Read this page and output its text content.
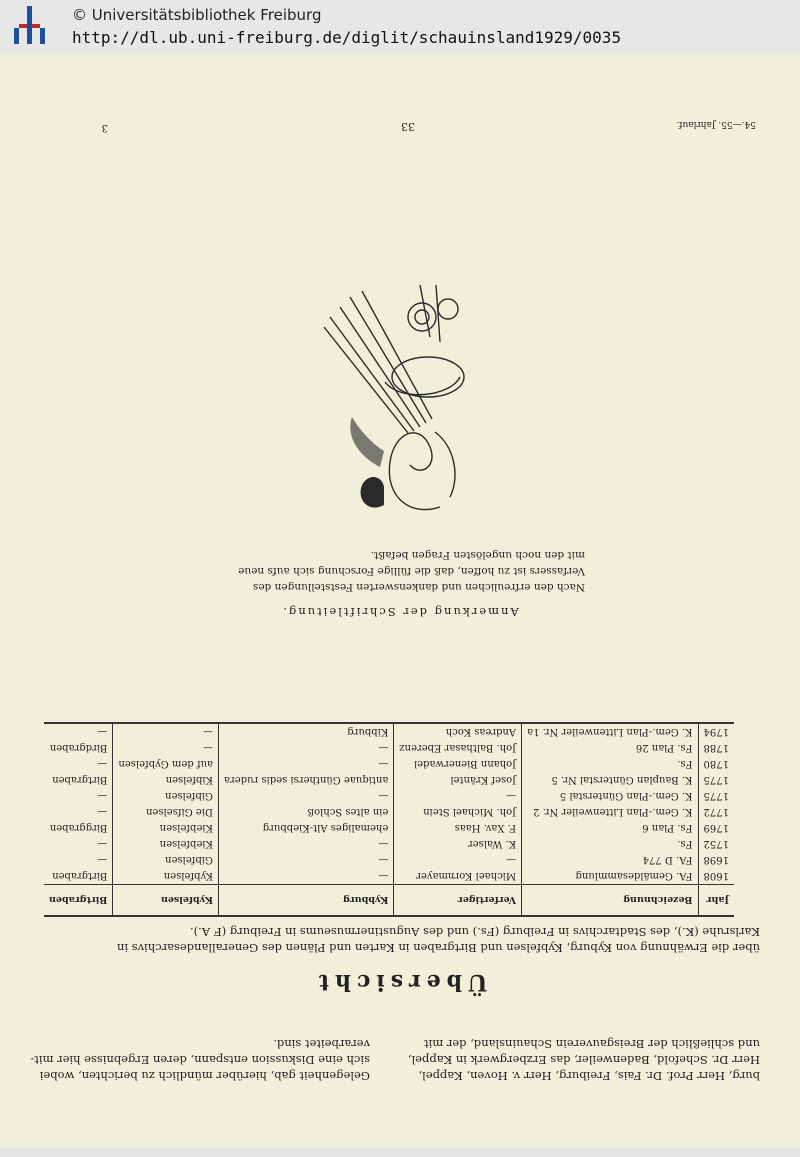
© Universitätsbibliothek Freiburg
http://dl.ub.uni-freiburg.de/diglit/schauinsland1929/0035
54.—55. Jahrlauf.
33
3
burg, Herr Prof. Dr. Fais, Freiburg, Herr v. Hoven, Kappel,
Herr Dr. Schefold, Badenweiler, das Erzbergwerk in Kappel,
und schließlich der Breisgauverein Schauinsland, der mit
Gelegenheit gab, hierüber mündlich zu berichten, wobei
sich eine Diskussion entspann, deren Ergebnisse hier mit-
verarbeitet sind.
Übersicht
über die Erwähnung von Kyburg, Kybfelsen und Birtgraben in Karten und Plänen des Generallandesarchivs in
Karlsruhe (K.), des Stadtarchivs in Freiburg (Fs.) und des Augustinermuseums in Freiburg (F A.).
Jahr	Bezeichnung	Verfertiger	Kybburg	Kybfelsen	Birtgraben
1608	FA. Gemäldesammlung	Michael Kornmayer	—	Kybfelsen	Birtgraben
1698	FA. D 774	—	—	Gibfelsen	—
1752	Fs.	K. Walser	—	Kiebfelsen	—
1769	Fs. Plan 6	F. Xav. Haas	ehemaliges Alt-Kiebburg	Kiebfelsen	Birggraben
1772	K. Gem.-Plan Littenweiler Nr. 2	Joh. Michael Stein	ein altes Schloß	Die Gifselsen	—
1775	K. Gem.-Plan Günterstal 5	—	—	Gibfelsen	—
1775	K. Bauplan Günterstal Nr. 5	Josef Kräntel	antiquae Günthersi sedis rudera	Kibfelsen	Birtgraben
1780	Fs.	Johann Bienerwadel	—	auf dem Gybfelsen	—
1788	Fs. Plan 26	Joh. Balthasar Eberenz	—	—	Birdgraben
1794	K. Gem.-Plan Littenweiler Nr. 1a	Andreas Koch	Kibburg	—	—
Anmerkung der Schriftleitung.
Nach den erfreulichen und dankenswerten Feststellungen des
Verfassers ist zu hoffen, daß die füllige Forschung sich aufs neue
mit den noch ungelösten Fragen befaßt.
